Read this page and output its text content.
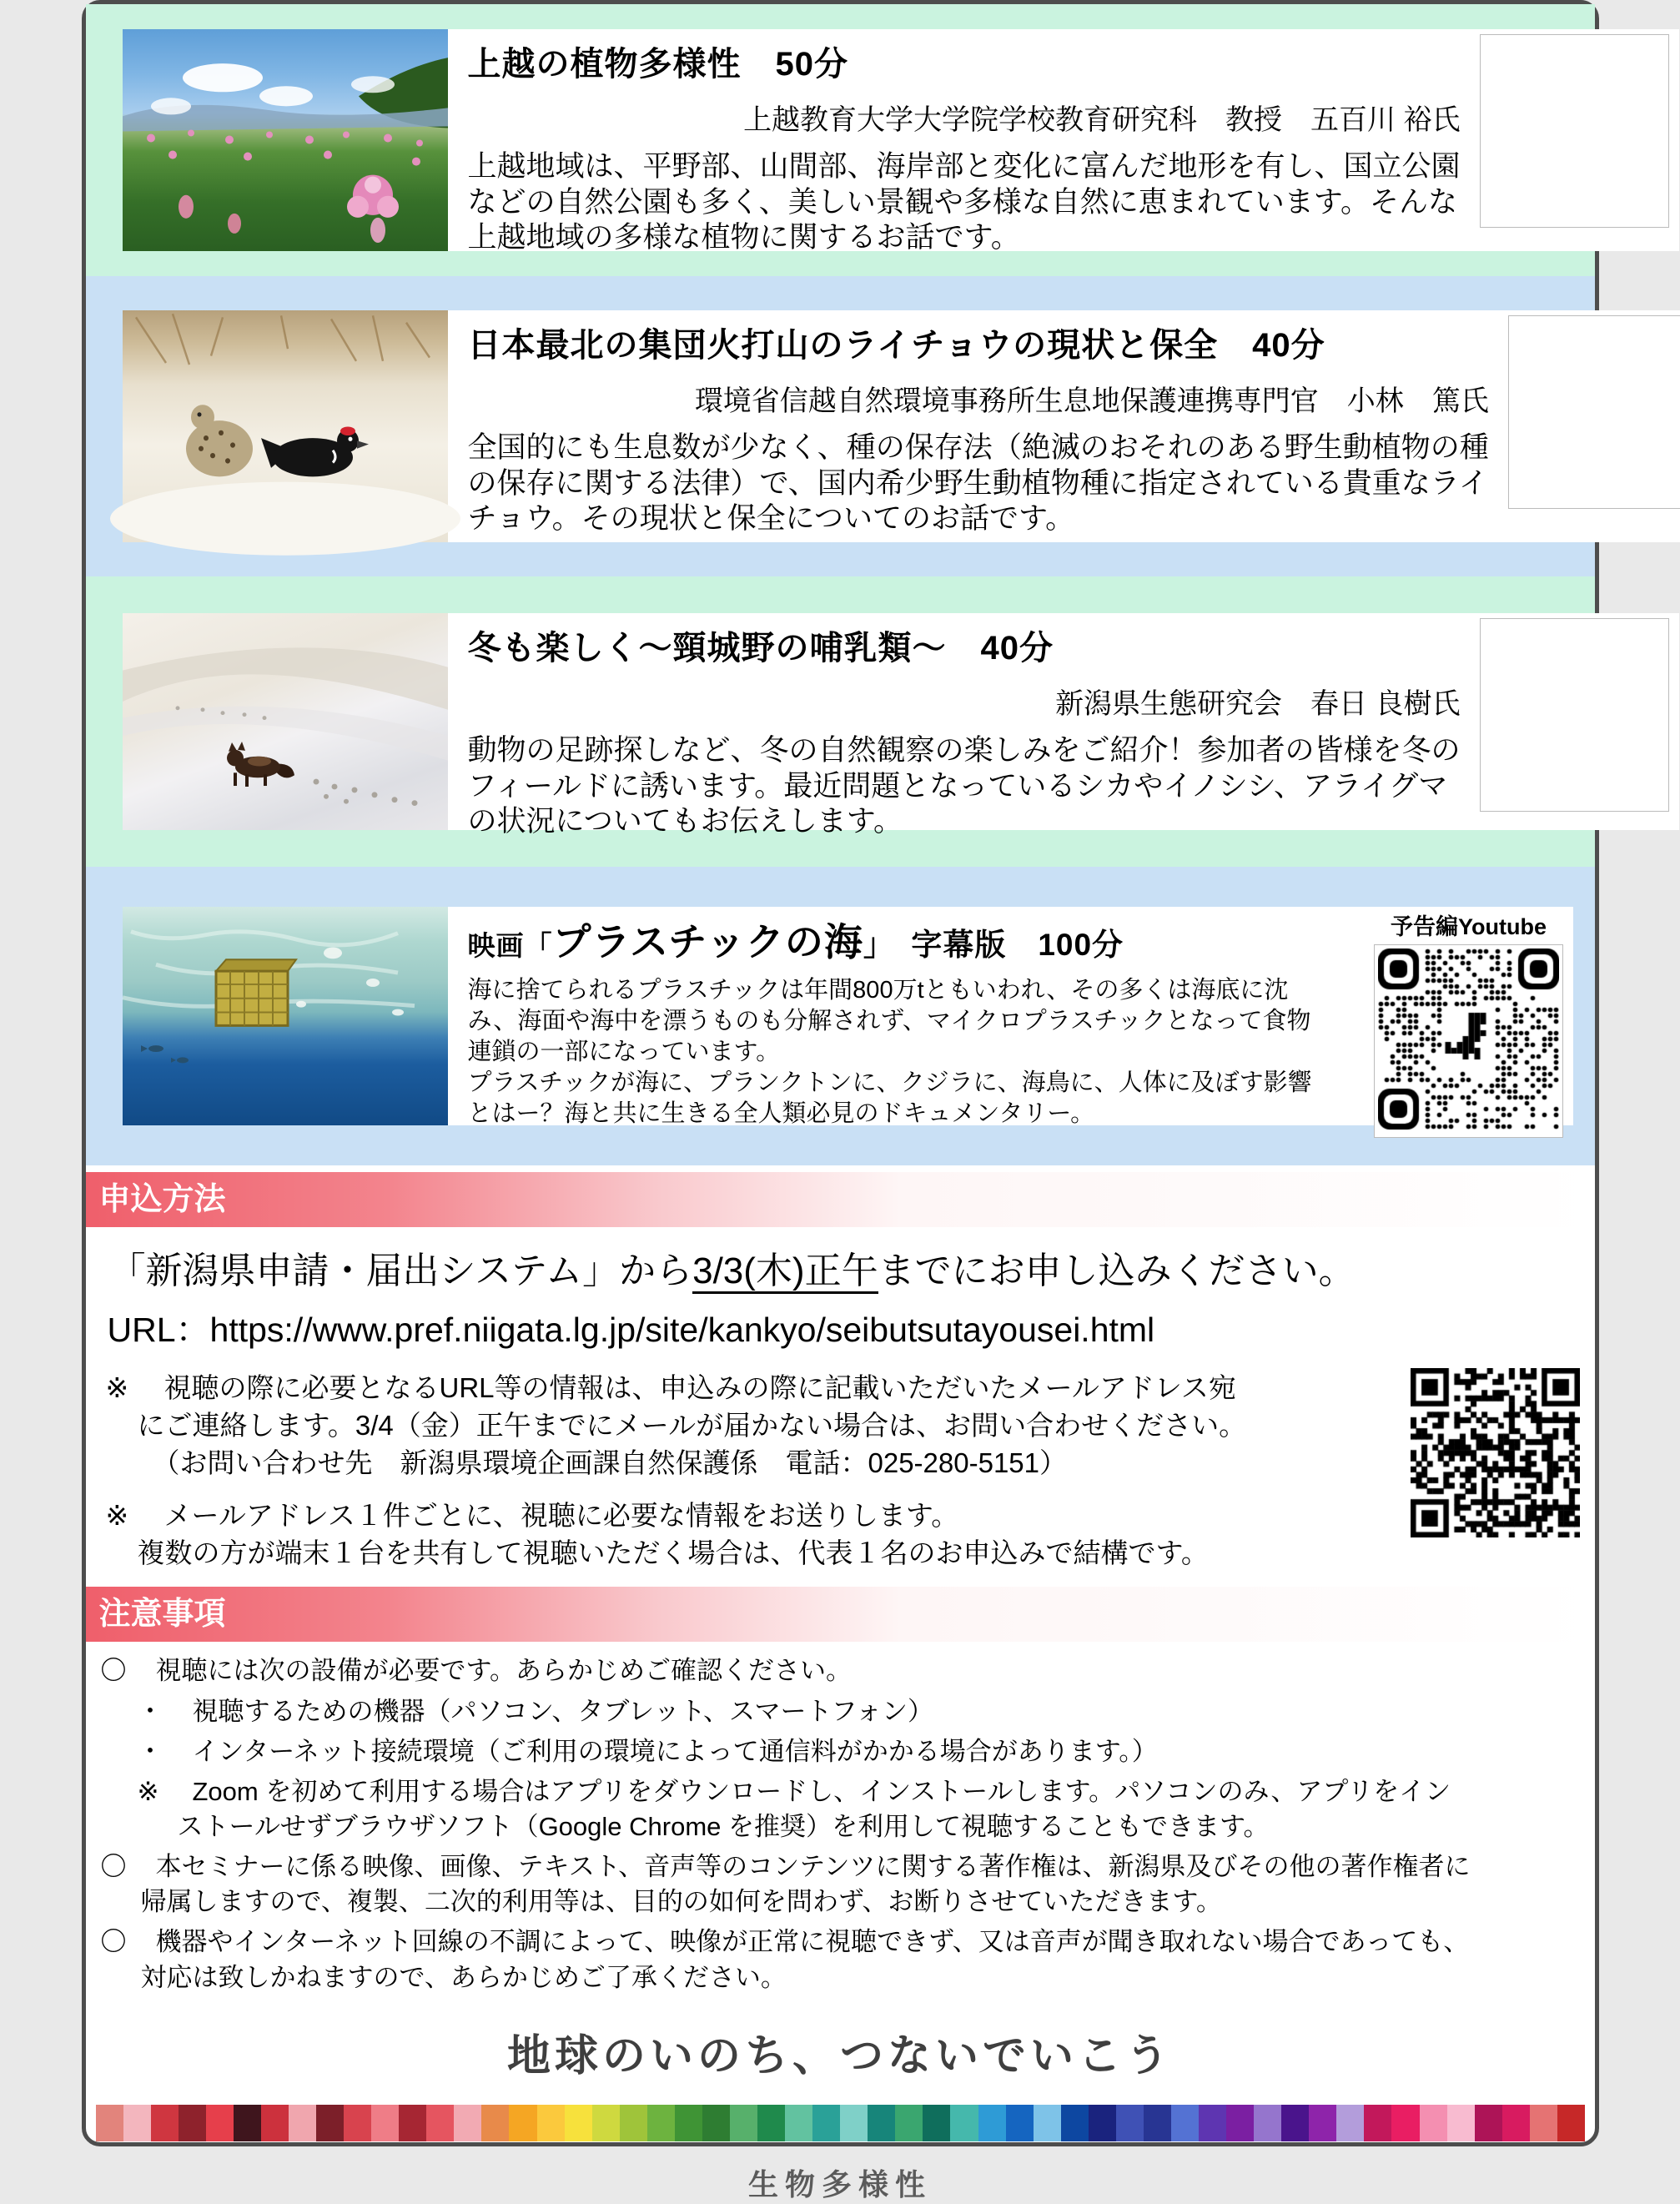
上越の植物多様性　50分
上越教育大学大学院学校教育研究科　教授　五百川 裕氏
上越地域は、平野部、山間部、海岸部と変化に富んだ地形を有し、国立公園
などの自然公園も多く、美しい景観や多様な自然に恵まれています。そんな
上越地域の多様な植物に関するお話です。
日本最北の集団火打山のライチョウの現状と保全　40分
環境省信越自然環境事務所生息地保護連携専門官　小林　篤氏
全国的にも生息数が少なく、種の保存法（絶滅のおそれのある野生動植物の種
の保存に関する法律）で、国内希少野生動植物種に指定されている貴重なライ
チョウ。その現状と保全についてのお話です。
冬も楽しく～頸城野の哺乳類～　40分
新潟県生態研究会　春日 良樹氏
動物の足跡探しなど、冬の自然観察の楽しみをご紹介！参加者の皆様を冬の
フィールドに誘います。最近問題となっているシカやイノシシ、アライグマ
の状況についてもお伝えします。
映画「プラスチックの海」　字幕版　100分
海に捨てられるプラスチックは年間800万tともいわれ、その多くは海底に沈
み、海面や海中を漂うものも分解されず、マイクロプラスチックとなって食物
連鎖の一部になっています。
プラスチックが海に、プランクトンに、クジラに、海鳥に、人体に及ぼす影響
とはー？海と共に生きる全人類必見のドキュメンタリー。
予告編Youtube
申込方法
「新潟県申請・届出システム」から3/3(木)正午までにお申し込みください。
URL：https://www.pref.niigata.lg.jp/site/kankyo/seibutsutayousei.html
※	視聴の際に必要となるURL等の情報は、申込みの際に記載いただいたメールアドレス宛
にご連絡します。3/4（金）正午までにメールが届かない場合は、お問い合わせください。
（お問い合わせ先　新潟県環境企画課自然保護係　電話：025-280-5151）
※	メールアドレス１件ごとに、視聴に必要な情報をお送りします。
複数の方が端末１台を共有して視聴いただく場合は、代表１名のお申込みで結構です。
注意事項
〇	視聴には次の設備が必要です。あらかじめご確認ください。
・	視聴するための機器（パソコン、タブレット、スマートフォン）
・	インターネット接続環境（ご利用の環境によって通信料がかかる場合があります。）
※	Zoom を初めて利用する場合はアプリをダウンロードし、インストールします。パソコンのみ、アプリをイン
ストールせずブラウザソフト（Google Chrome を推奨）を利用して視聴することもできます。
〇	本セミナーに係る映像、画像、テキスト、音声等のコンテンツに関する著作権は、新潟県及びその他の著作権者に
帰属しますので、複製、二次的利用等は、目的の如何を問わず、お断りさせていただきます。
〇	機器やインターネット回線の不調によって、映像が正常に視聴できず、又は音声が聞き取れない場合であっても、
対応は致しかねますので、あらかじめご了承ください。
地球のいのち、つないでいこう
生物多様性
